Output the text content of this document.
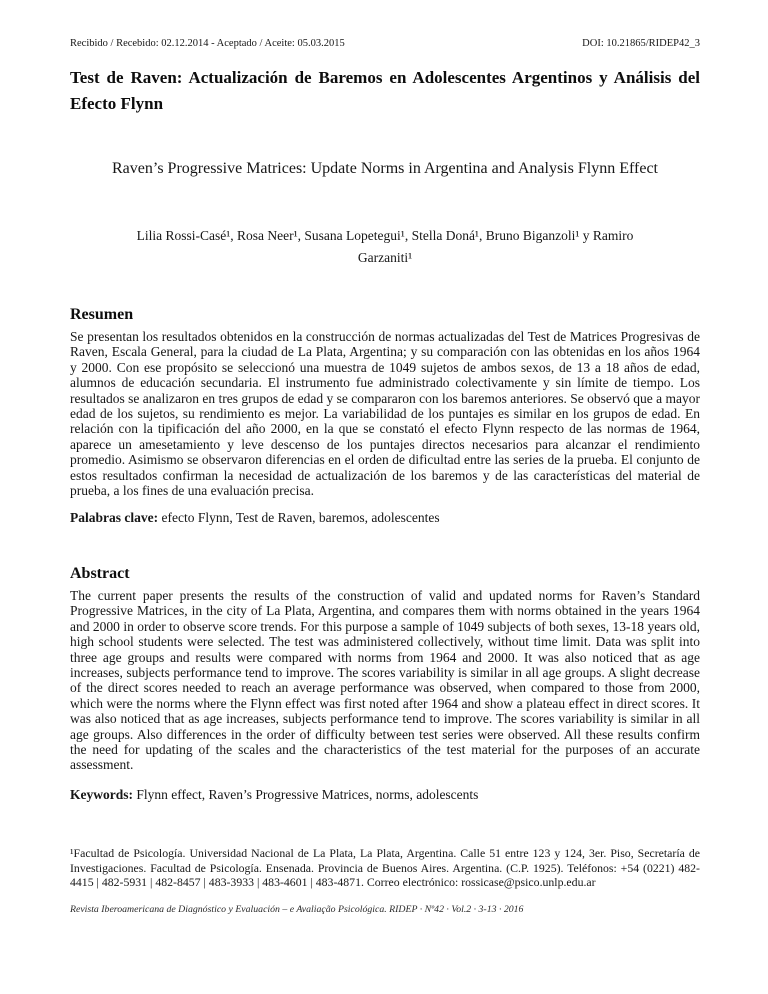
Recibido / Recebido: 02.12.2014 - Aceptado / Aceite: 05.03.2015	DOI: 10.21865/RIDEP42_3
Test de Raven: Actualización de Baremos en Adolescentes Argentinos y Análisis del Efecto Flynn
Raven’s Progressive Matrices: Update Norms in Argentina and Analysis Flynn Effect
Lilia Rossi-Casé¹, Rosa Neer¹, Susana Lopetegui¹, Stella Doná¹, Bruno Biganzoli¹ y Ramiro
Garzaniti¹
Resumen

Se presentan los resultados obtenidos en la construcción de normas actualizadas del Test de Matrices Progresivas de Raven, Escala General, para la ciudad de La Plata, Argentina; y su comparación con las obtenidas en los años 1964 y 2000. Con ese propósito se seleccionó una muestra de 1049 sujetos de ambos sexos, de 13 a 18 años de edad, alumnos de educación secundaria. El instrumento fue administrado colectivamente y sin límite de tiempo. Los resultados se analizaron en tres grupos de edad y se compararon con los baremos anteriores. Se observó que a mayor edad de los sujetos, su rendimiento es mejor. La variabilidad de los puntajes es similar en los grupos de edad. En relación con la tipificación del año 2000, en la que se constató el efecto Flynn respecto de las normas de 1964, aparece un amesetamiento y leve descenso de los puntajes directos necesarios para alcanzar el rendimiento promedio. Asimismo se observaron diferencias en el orden de dificultad entre las series de la prueba. El conjunto de estos resultados confirman la necesidad de actualización de los baremos y de las características del material de prueba, a los fines de una evaluación precisa.

Palabras clave: efecto Flynn, Test de Raven, baremos, adolescentes

Abstract

The current paper presents the results of the construction of valid and updated norms for Raven’s Standard Progressive Matrices, in the city of La Plata, Argentina, and compares them with norms obtained in the years 1964 and 2000 in order to observe score trends. For this purpose a sample of 1049 subjects of both sexes, 13-18 years old, high school students were selected. The test was administered collectively, without time limit. Data was split into three age groups and results were compared with norms from 1964 and 2000. It was also noticed that as age increases, subjects performance tend to improve. The scores variability is similar in all age groups. A slight decrease of the direct scores needed to reach an average performance was observed, when compared to those from 2000, which were the norms where the Flynn effect was first noted after 1964 and show a plateau effect in direct scores. It was also noticed that as age increases, subjects performance tend to improve. The scores variability is similar in all age groups. Also differences in the order of difficulty between test series were observed. All these results confirm the need for updating of the scales and the characteristics of the test material for the purposes of an accurate assessment.

Keywords: Flynn effect, Raven’s Progressive Matrices, norms, adolescents

¹Facultad de Psicología. Universidad Nacional de La Plata, La Plata, Argentina. Calle 51 entre 123 y 124, 3er. Piso, Secretaría de Investigaciones. Facultad de Psicología. Ensenada. Provincia de Buenos Aires. Argentina. (C.P. 1925). Teléfonos: +54 (0221) 482-4415 | 482-5931 | 482-8457 | 483-3933 | 483-4601 | 483-4871. Correo electrónico: rossicase@psico.unlp.edu.ar

Revista Iberoamericana de Diagnóstico y Evaluación – e Avaliação Psicológica. RIDEP · Nº42 · Vol.2 · 3-13 · 2016
